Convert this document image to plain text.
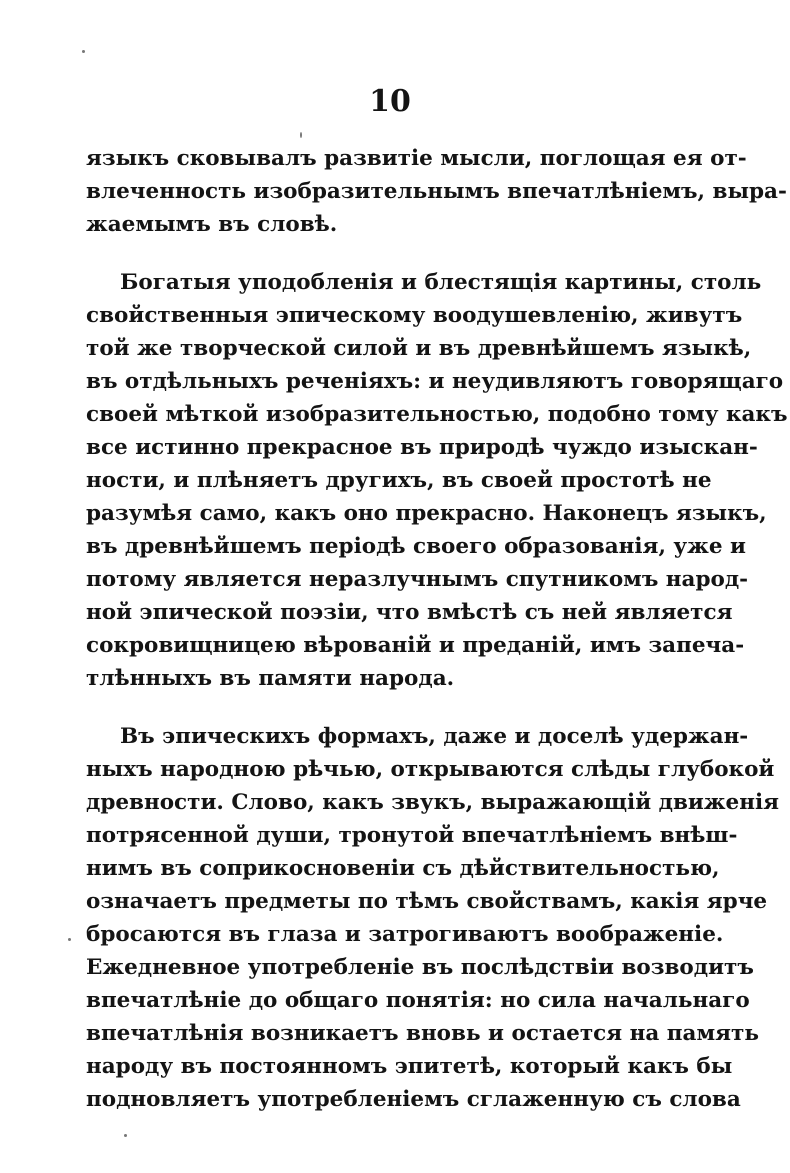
10
языкъ сковывалъ развитіе мысли, поглощая ея от-
влеченность изобразительнымъ впечатлѣніемъ, выра-
жаемымъ въ словѣ.
Богатыя уподобленія и блестящія картины, столь
свойственныя эпическому воодушевленію, живутъ
той же творческой силой и въ древнѣйшемъ языкѣ,
въ отдѣльныхъ реченіяхъ: и неудивляютъ говорящаго
своей мѣткой изобразительностью, подобно тому какъ
все истинно прекрасное въ природѣ чуждо изыскан-
ности, и плѣняетъ другихъ, въ своей простотѣ не
разумѣя само, какъ оно прекрасно. Наконецъ языкъ,
въ древнѣйшемъ періодѣ своего образованія, уже и
потому является неразлучнымъ спутникомъ народ-
ной эпической поэзіи, что вмѣстѣ съ ней является
сокровищницею вѣрованій и преданій, имъ запеча-
тлѣнныхъ въ памяти народа.
Въ эпическихъ формахъ, даже и доселѣ удержан-
ныхъ народною рѣчью, открываются слѣды глубокой
древности. Слово, какъ звукъ, выражающій движенія
потрясенной души, тронутой впечатлѣніемъ внѣш-
нимъ въ соприкосновеніи съ дѣйствительностью,
означаетъ предметы по тѣмъ свойствамъ, какія ярче
бросаются въ глаза и затрогиваютъ воображеніе.
Ежедневное употребленіе въ послѣдствіи возводитъ
впечатлѣніе до общаго понятія: но сила начальнаго
впечатлѣнія возникаетъ вновь и остается на память
народу въ постоянномъ эпитетѣ, который какъ бы
подновляетъ употребленіемъ сглаженную съ слова
